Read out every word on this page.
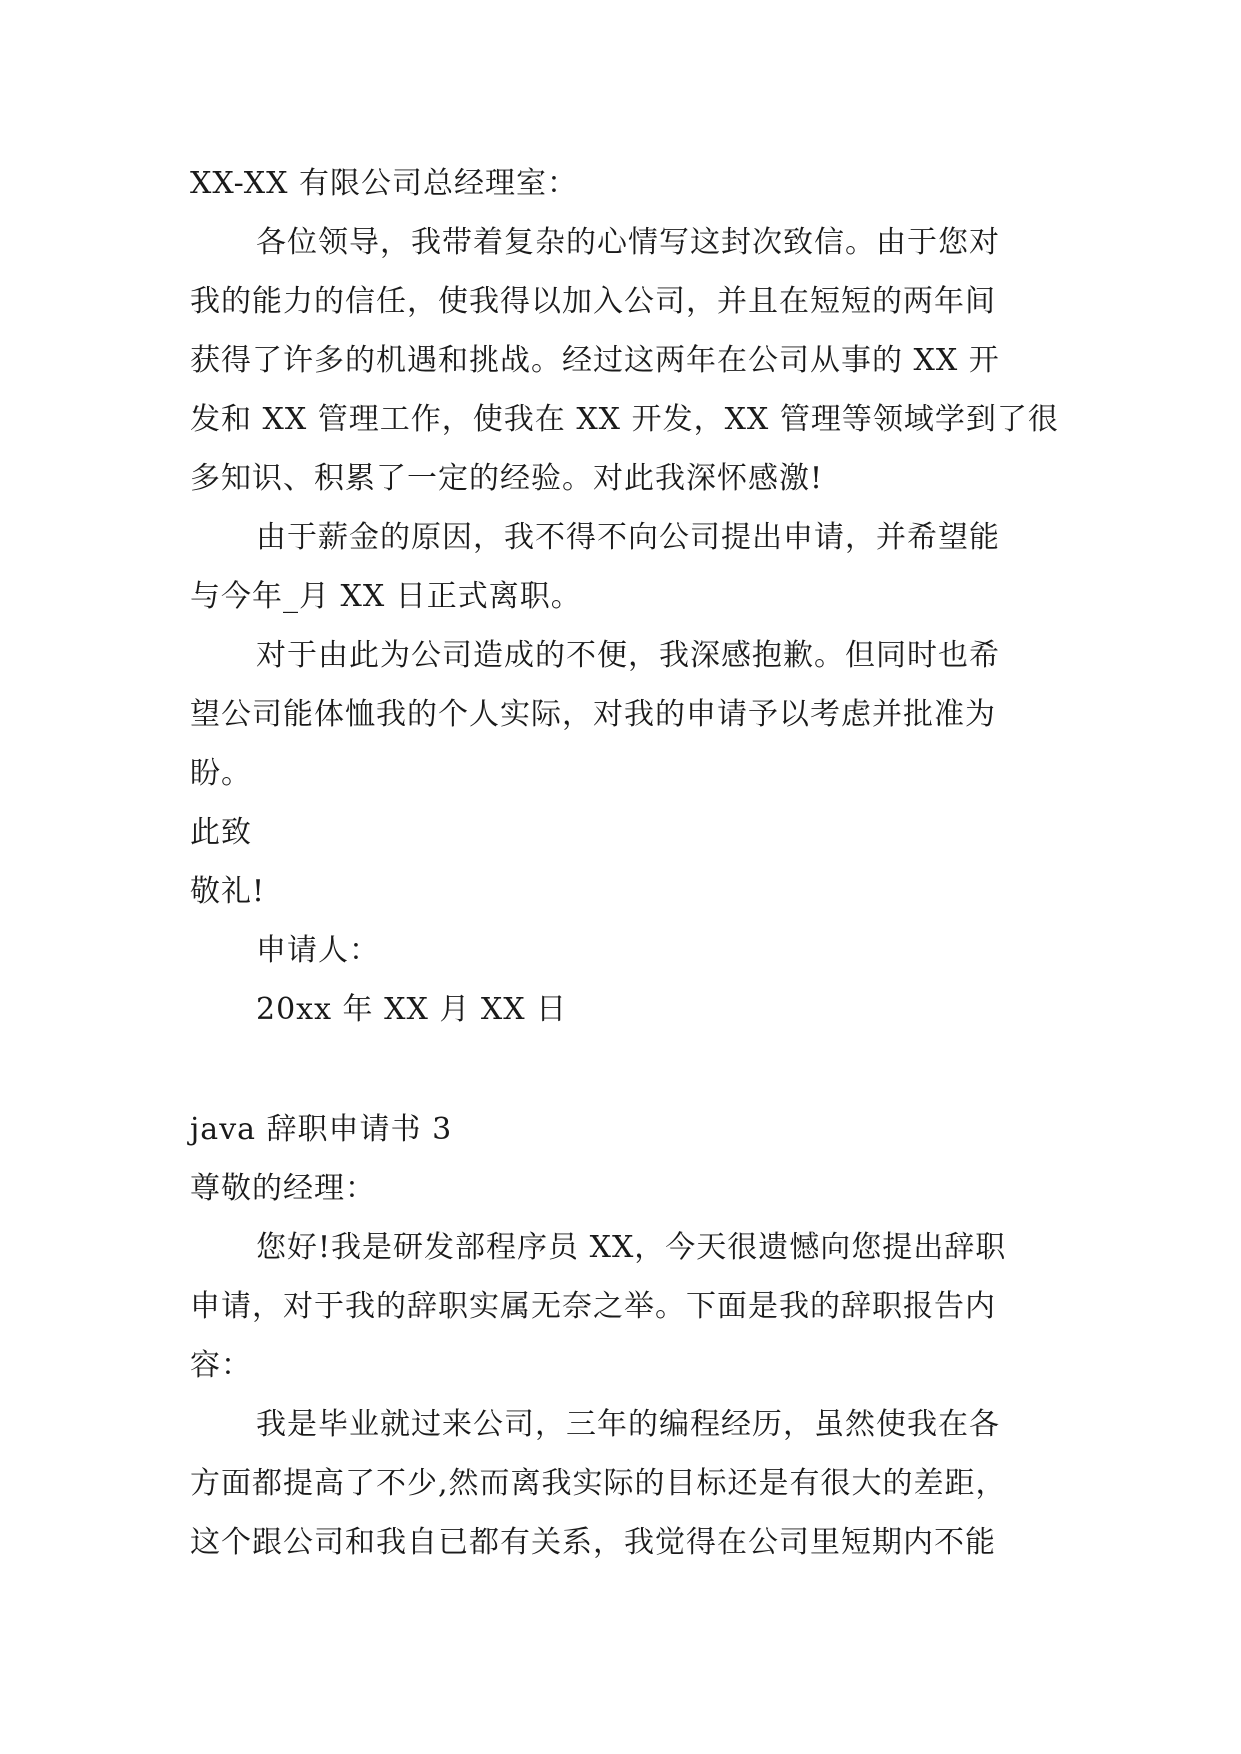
XX-XX 有限公司总经理室：
各位领导，我带着复杂的心情写这封次致信。由于您对
我的能力的信任，使我得以加入公司，并且在短短的两年间
获得了许多的机遇和挑战。经过这两年在公司从事的 XX 开
发和 XX 管理工作，使我在 XX 开发，XX 管理等领域学到了很
多知识、积累了一定的经验。对此我深怀感激!
由于薪金的原因，我不得不向公司提出申请，并希望能
与今年_月 XX 日正式离职。
对于由此为公司造成的不便，我深感抱歉。但同时也希
望公司能体恤我的个人实际，对我的申请予以考虑并批准为
盼。
此致
敬礼!
申请人：
20xx 年 XX 月 XX 日
java 辞职申请书 3
尊敬的经理：
您好!我是研发部程序员 XX，今天很遗憾向您提出辞职
申请，对于我的辞职实属无奈之举。下面是我的辞职报告内
容：
我是毕业就过来公司，三年的编程经历，虽然使我在各
方面都提高了不少,然而离我实际的目标还是有很大的差距，
这个跟公司和我自已都有关系，我觉得在公司里短期内不能
